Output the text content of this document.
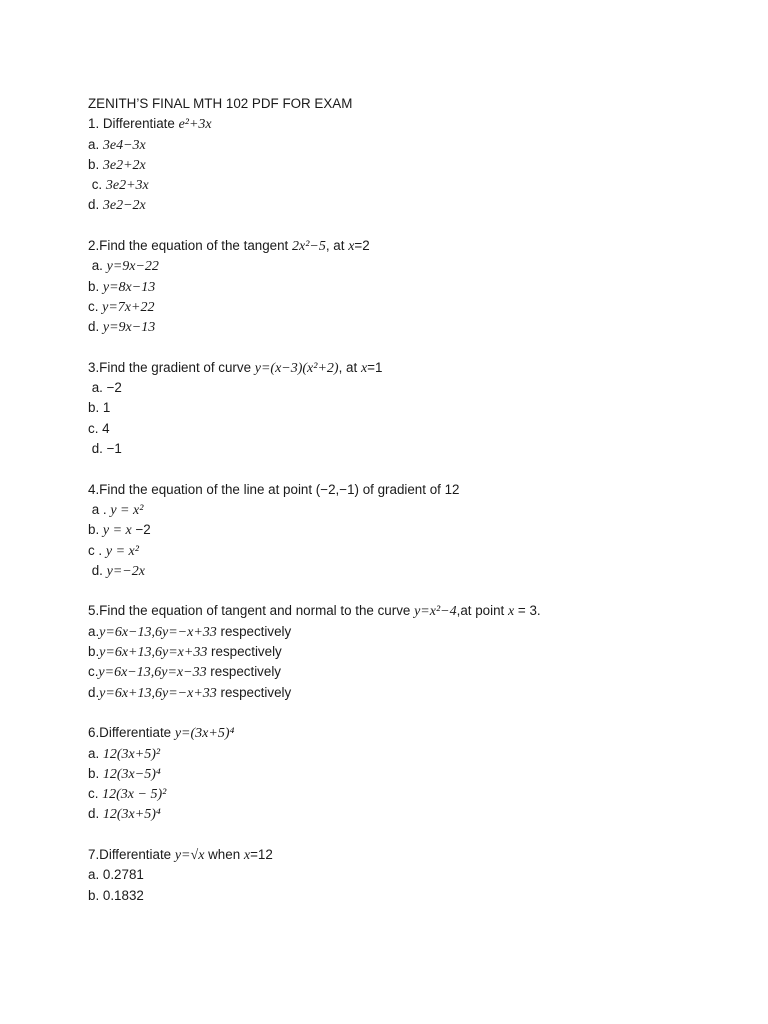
ZENITH’S FINAL MTH 102 PDF FOR EXAM
1. Differentiate e²+3x
a. 3e4−3x
b. 3e2+2x
c. 3e2+3x
d. 3e2−2x
2.Find the equation of the tangent 2x²−5, at x=2
a. y=9x−22
b. y=8x−13
c. y=7x+22
d. y=9x−13
3.Find the gradient of curve y=(x−3)(x²+2), at x=1
a. −2
b. 1
c. 4
d. −1
4.Find the equation of the line at point (−2,−1) of gradient of 12
a . y = x²
b. y = x −2
c . y = x²
d. y=−2x
5.Find the equation of tangent and normal to the curve y=x²−4,at point x = 3.
a.y=6x−13,6y=−x+33 respectively
b.y=6x+13,6y=x+33 respectively
c.y=6x−13,6y=x−33 respectively
d.y=6x+13,6y=−x+33 respectively
6.Differentiate y=(3x+5)⁴
a. 12(3x+5)²
b. 12(3x−5)⁴
c. 12(3x − 5)²
d. 12(3x+5)⁴
7.Differentiate y=√x when x=12
a. 0.2781
b. 0.1832
